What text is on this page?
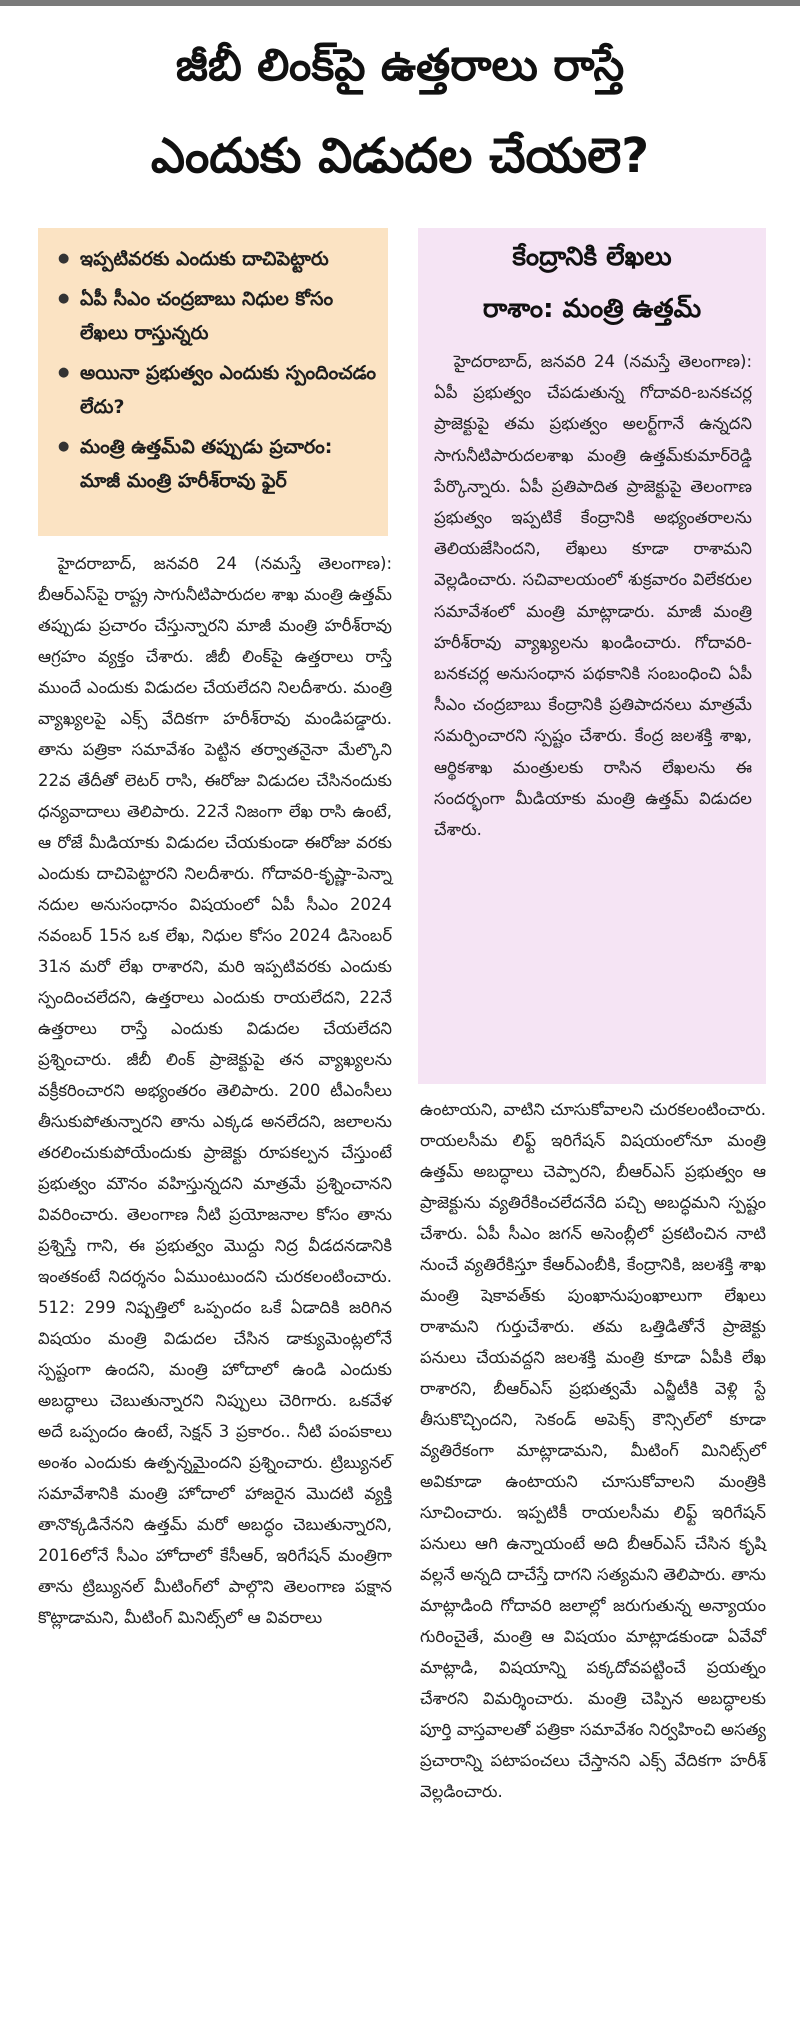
జీబీ లింక్‌పై ఉత్తరాలు రాస్తే
ఎందుకు విడుదల చేయలె?
● ఇప్పటివరకు ఎందుకు దాచిపెట్టారు
● ఏపీ సీఎం చంద్రబాబు నిధుల కోసం లేఖలు రాస్తున్నరు
● అయినా ప్రభుత్వం ఎందుకు స్పందించడం లేదు?
● మంత్రి ఉత్తమ్‌వి తప్పుడు ప్రచారం: మాజీ మంత్రి హరీశ్‌రావు ఫైర్
కేంద్రానికి లేఖలు
రాశాం: మంత్రి ఉత్తమ్

హైదరాబాద్, జనవరి 24 (నమస్తే తెలంగాణ): ఏపీ ప్రభుత్వం చేపడుతున్న గోదావరి-బనకచర్ల ప్రాజెక్టుపై తమ ప్రభుత్వం అలర్ట్‌గానే ఉన్నదని సాగునీటిపారుదలశాఖ మంత్రి ఉత్తమ్‌కుమార్‌రెడ్డి పేర్కొన్నారు. ఏపీ ప్రతిపాదిత ప్రాజెక్టుపై తెలంగాణ ప్రభుత్వం ఇప్పటికే కేంద్రానికి అభ్యంతరాలను తెలియజేసిందని, లేఖలు కూడా రాశామని వెల్లడించారు. సచివాలయంలో శుక్రవారం విలేకరుల సమావేశంలో మంత్రి మాట్లాడారు. మాజీ మంత్రి హరీశ్‌రావు వ్యాఖ్యలను ఖండించారు. గోదావరి-బనకచర్ల అనుసంధాన పథకానికి సంబంధించి ఏపీ సీఎం చంద్రబాబు కేంద్రానికి ప్రతిపాదనలు మాత్రమే సమర్పించారని స్పష్టం చేశారు. కేంద్ర జలశక్తి శాఖ, ఆర్థికశాఖ మంత్రులకు రాసిన లేఖలను ఈ సందర్భంగా మీడియాకు మంత్రి ఉత్తమ్ విడుదల చేశారు.

హైదరాబాద్, జనవరి 24 (నమస్తే తెలంగాణ): బీఆర్‌ఎస్‌పై రాష్ట్ర సాగునీటిపారుదల శాఖ మంత్రి ఉత్తమ్ తప్పుడు ప్రచారం చేస్తున్నారని మాజీ మంత్రి హరీశ్‌రావు ఆగ్రహం వ్యక్తం చేశారు. జీబీ లింక్‌పై ఉత్తరాలు రాస్తే ముందే ఎందుకు విడుదల చేయలేదని నిలదీశారు. మంత్రి వ్యాఖ్యలపై ఎక్స్ వేదికగా హరీశ్‌రావు మండిపడ్డారు. తాను పత్రికా సమావేశం పెట్టిన తర్వాతనైనా మేల్కొని 22వ తేదీతో లెటర్ రాసి, ఈరోజు విడుదల చేసినందుకు ధన్యవాదాలు తెలిపారు. 22నే నిజంగా లేఖ రాసి ఉంటే, ఆ రోజే మీడియాకు విడుదల చేయకుండా ఈరోజు వరకు ఎందుకు దాచిపెట్టారని నిలదీశారు. గోదావరి-కృష్ణా-పెన్నా నదుల అనుసంధానం విషయంలో ఏపీ సీఎం 2024 నవంబర్ 15న ఒక లేఖ, నిధుల కోసం 2024 డిసెంబర్ 31న మరో లేఖ రాశారని, మరి ఇప్పటివరకు ఎందుకు స్పందించలేదని, ఉత్తరాలు ఎందుకు రాయలేదని, 22నే ఉత్తరాలు రాస్తే ఎందుకు విడుదల చేయలేదని ప్రశ్నించారు. జీబీ లింక్ ప్రాజెక్టుపై తన వ్యాఖ్యలను వక్రీకరించారని అభ్యంతరం తెలిపారు. 200 టీఎంసీలు తీసుకుపోతున్నారని తాను ఎక్కడ అనలేదని, జలాలను తరలించుకుపోయేందుకు ప్రాజెక్టు రూపకల్పన చేస్తుంటే ప్రభుత్వం మౌనం వహిస్తున్నదని మాత్రమే ప్రశ్నించానని వివరించారు. తెలంగాణ నీటి ప్రయోజనాల కోసం తాను ప్రశ్నిస్తే గాని, ఈ ప్రభుత్వం మొద్దు నిద్ర వీడదనడానికి ఇంతకంటే నిదర్శనం ఏముంటుందని చురకలంటించారు. 512: 299 నిష్పత్తిలో ఒప్పందం ఒకే ఏడాదికి జరిగిన విషయం మంత్రి విడుదల చేసిన డాక్యుమెంట్లలోనే స్పష్టంగా ఉందని, మంత్రి హోదాలో ఉండి ఎందుకు అబద్ధాలు చెబుతున్నారని నిప్పులు చెరిగారు. ఒకవేళ అదే ఒప్పందం ఉంటే, సెక్షన్ 3 ప్రకారం.. నీటి పంపకాలు అంశం ఎందుకు ఉత్పన్నమైందని ప్రశ్నించారు. ట్రిబ్యునల్ సమావేశానికి మంత్రి హోదాలో హాజరైన మొదటి వ్యక్తి తానొక్కడినేనని ఉత్తమ్ మరో అబద్ధం చెబుతున్నారని, 2016లోనే సీఎం హోదాలో కేసీఆర్, ఇరిగేషన్ మంత్రిగా తాను ట్రిబ్యునల్ మీటింగ్‌లో పాల్గొని తెలంగాణ పక్షాన కొట్లాడామని, మీటింగ్ మినిట్స్‌లో ఆ వివరాలు

ఉంటాయని, వాటిని చూసుకోవాలని చురకలంటించారు. రాయలసీమ లిఫ్ట్ ఇరిగేషన్ విషయంలోనూ మంత్రి ఉత్తమ్ అబద్ధాలు చెప్పారని, బీఆర్‌ఎస్ ప్రభుత్వం ఆ ప్రాజెక్టును వ్యతిరేకించలేదనేది పచ్చి అబద్ధమని స్పష్టం చేశారు. ఏపీ సీఎం జగన్ అసెంబ్లీలో ప్రకటించిన నాటి నుంచే వ్యతిరేకిస్తూ కేఆర్‌ఎంబీకి, కేంద్రానికి, జలశక్తి శాఖ మంత్రి షెకావత్‌కు పుంఖానుపుంఖాలుగా లేఖలు రాశామని గుర్తుచేశారు. తమ ఒత్తిడితోనే ప్రాజెక్టు పనులు చేయవద్దని జలశక్తి మంత్రి కూడా ఏపీకి లేఖ రాశారని, బీఆర్‌ఎస్ ప్రభుత్వమే ఎన్జీటీకి వెళ్లి స్టే తీసుకొచ్చిందని, సెకండ్ అపెక్స్ కౌన్సిల్‌లో కూడా వ్యతిరేకంగా మాట్లాడామని, మీటింగ్ మినిట్స్‌లో అవికూడా ఉంటాయని చూసుకోవాలని మంత్రికి సూచించారు. ఇప్పటికీ రాయలసీమ లిఫ్ట్ ఇరిగేషన్ పనులు ఆగి ఉన్నాయంటే అది బీఆర్‌ఎస్ చేసిన కృషి వల్లనే అన్నది దాచేస్తే దాగని సత్యమని తెలిపారు. తాను మాట్లాడింది గోదావరి జలాల్లో జరుగుతున్న అన్యాయం గురించైతే, మంత్రి ఆ విషయం మాట్లాడకుండా ఏవేవో మాట్లాడి, విషయాన్ని పక్కదోవపట్టించే ప్రయత్నం చేశారని విమర్శించారు. మంత్రి చెప్పిన అబద్ధాలకు పూర్తి వాస్తవాలతో పత్రికా సమావేశం నిర్వహించి అసత్య ప్రచారాన్ని పటాపంచలు చేస్తానని ఎక్స్ వేదికగా హరీశ్ వెల్లడించారు.
